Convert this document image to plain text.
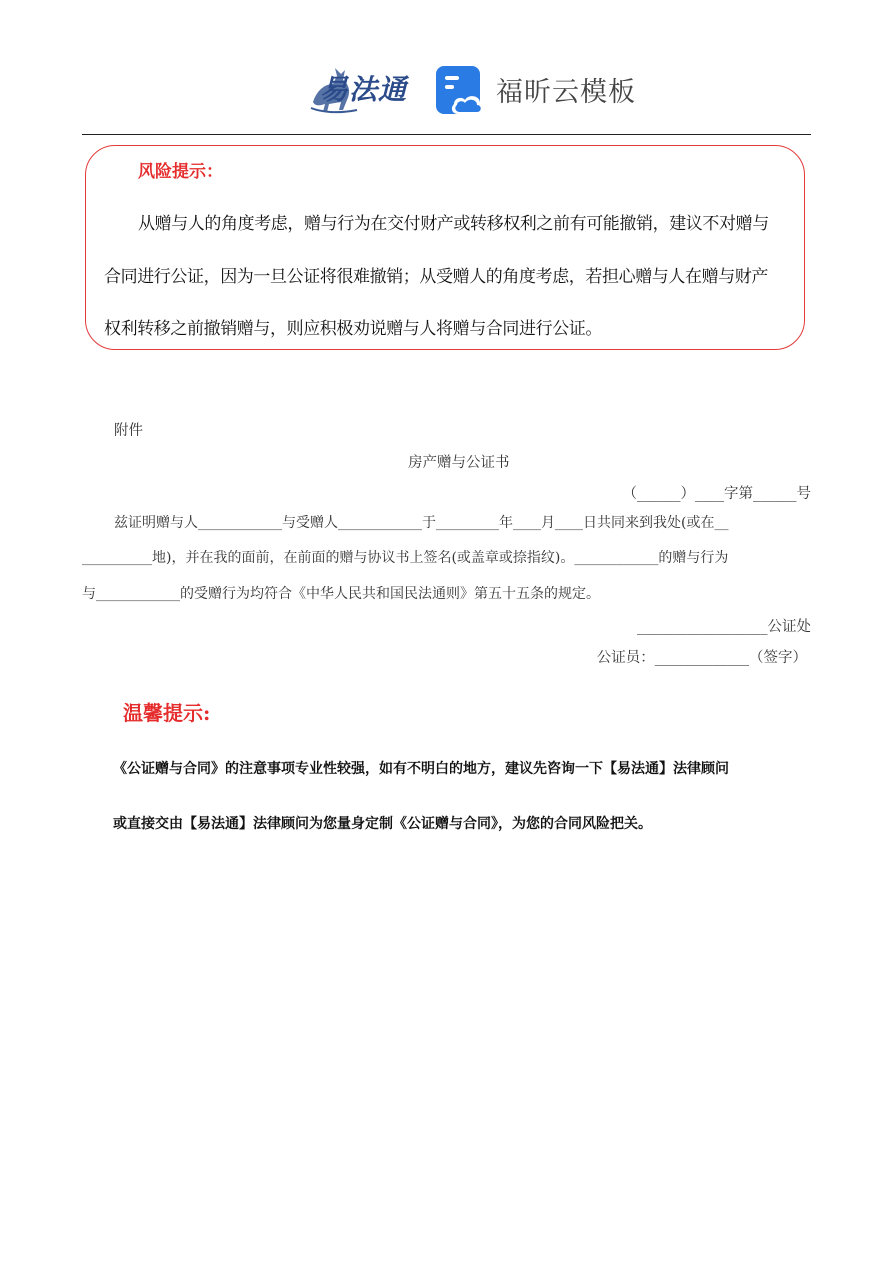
易法通	福昕云模板
风险提示：
从赠与人的角度考虑，赠与行为在交付财产或转移权利之前有可能撤销，建议不对赠与
合同进行公证，因为一旦公证将很难撤销；从受赠人的角度考虑，若担心赠与人在赠与财产
权利转移之前撤销赠与，则应积极劝说赠与人将赠与合同进行公证。
附件
房产赠与公证书
（______）____字第______号
兹证明赠与人____________与受赠人____________于_________年____月____日共同来到我处(或在__
__________地)，并在我的面前，在前面的赠与协议书上签名(或盖章或捺指纹)。____________的赠与行为
与____________的受赠行为均符合《中华人民共和国民法通则》第五十五条的规定。
__________________公证处
公证员：_____________（签字）
温馨提示:
《公证赠与合同》的注意事项专业性较强，如有不明白的地方，建议先咨询一下【易法通】法律顾问
或直接交由【易法通】法律顾问为您量身定制《公证赠与合同》，为您的合同风险把关。
